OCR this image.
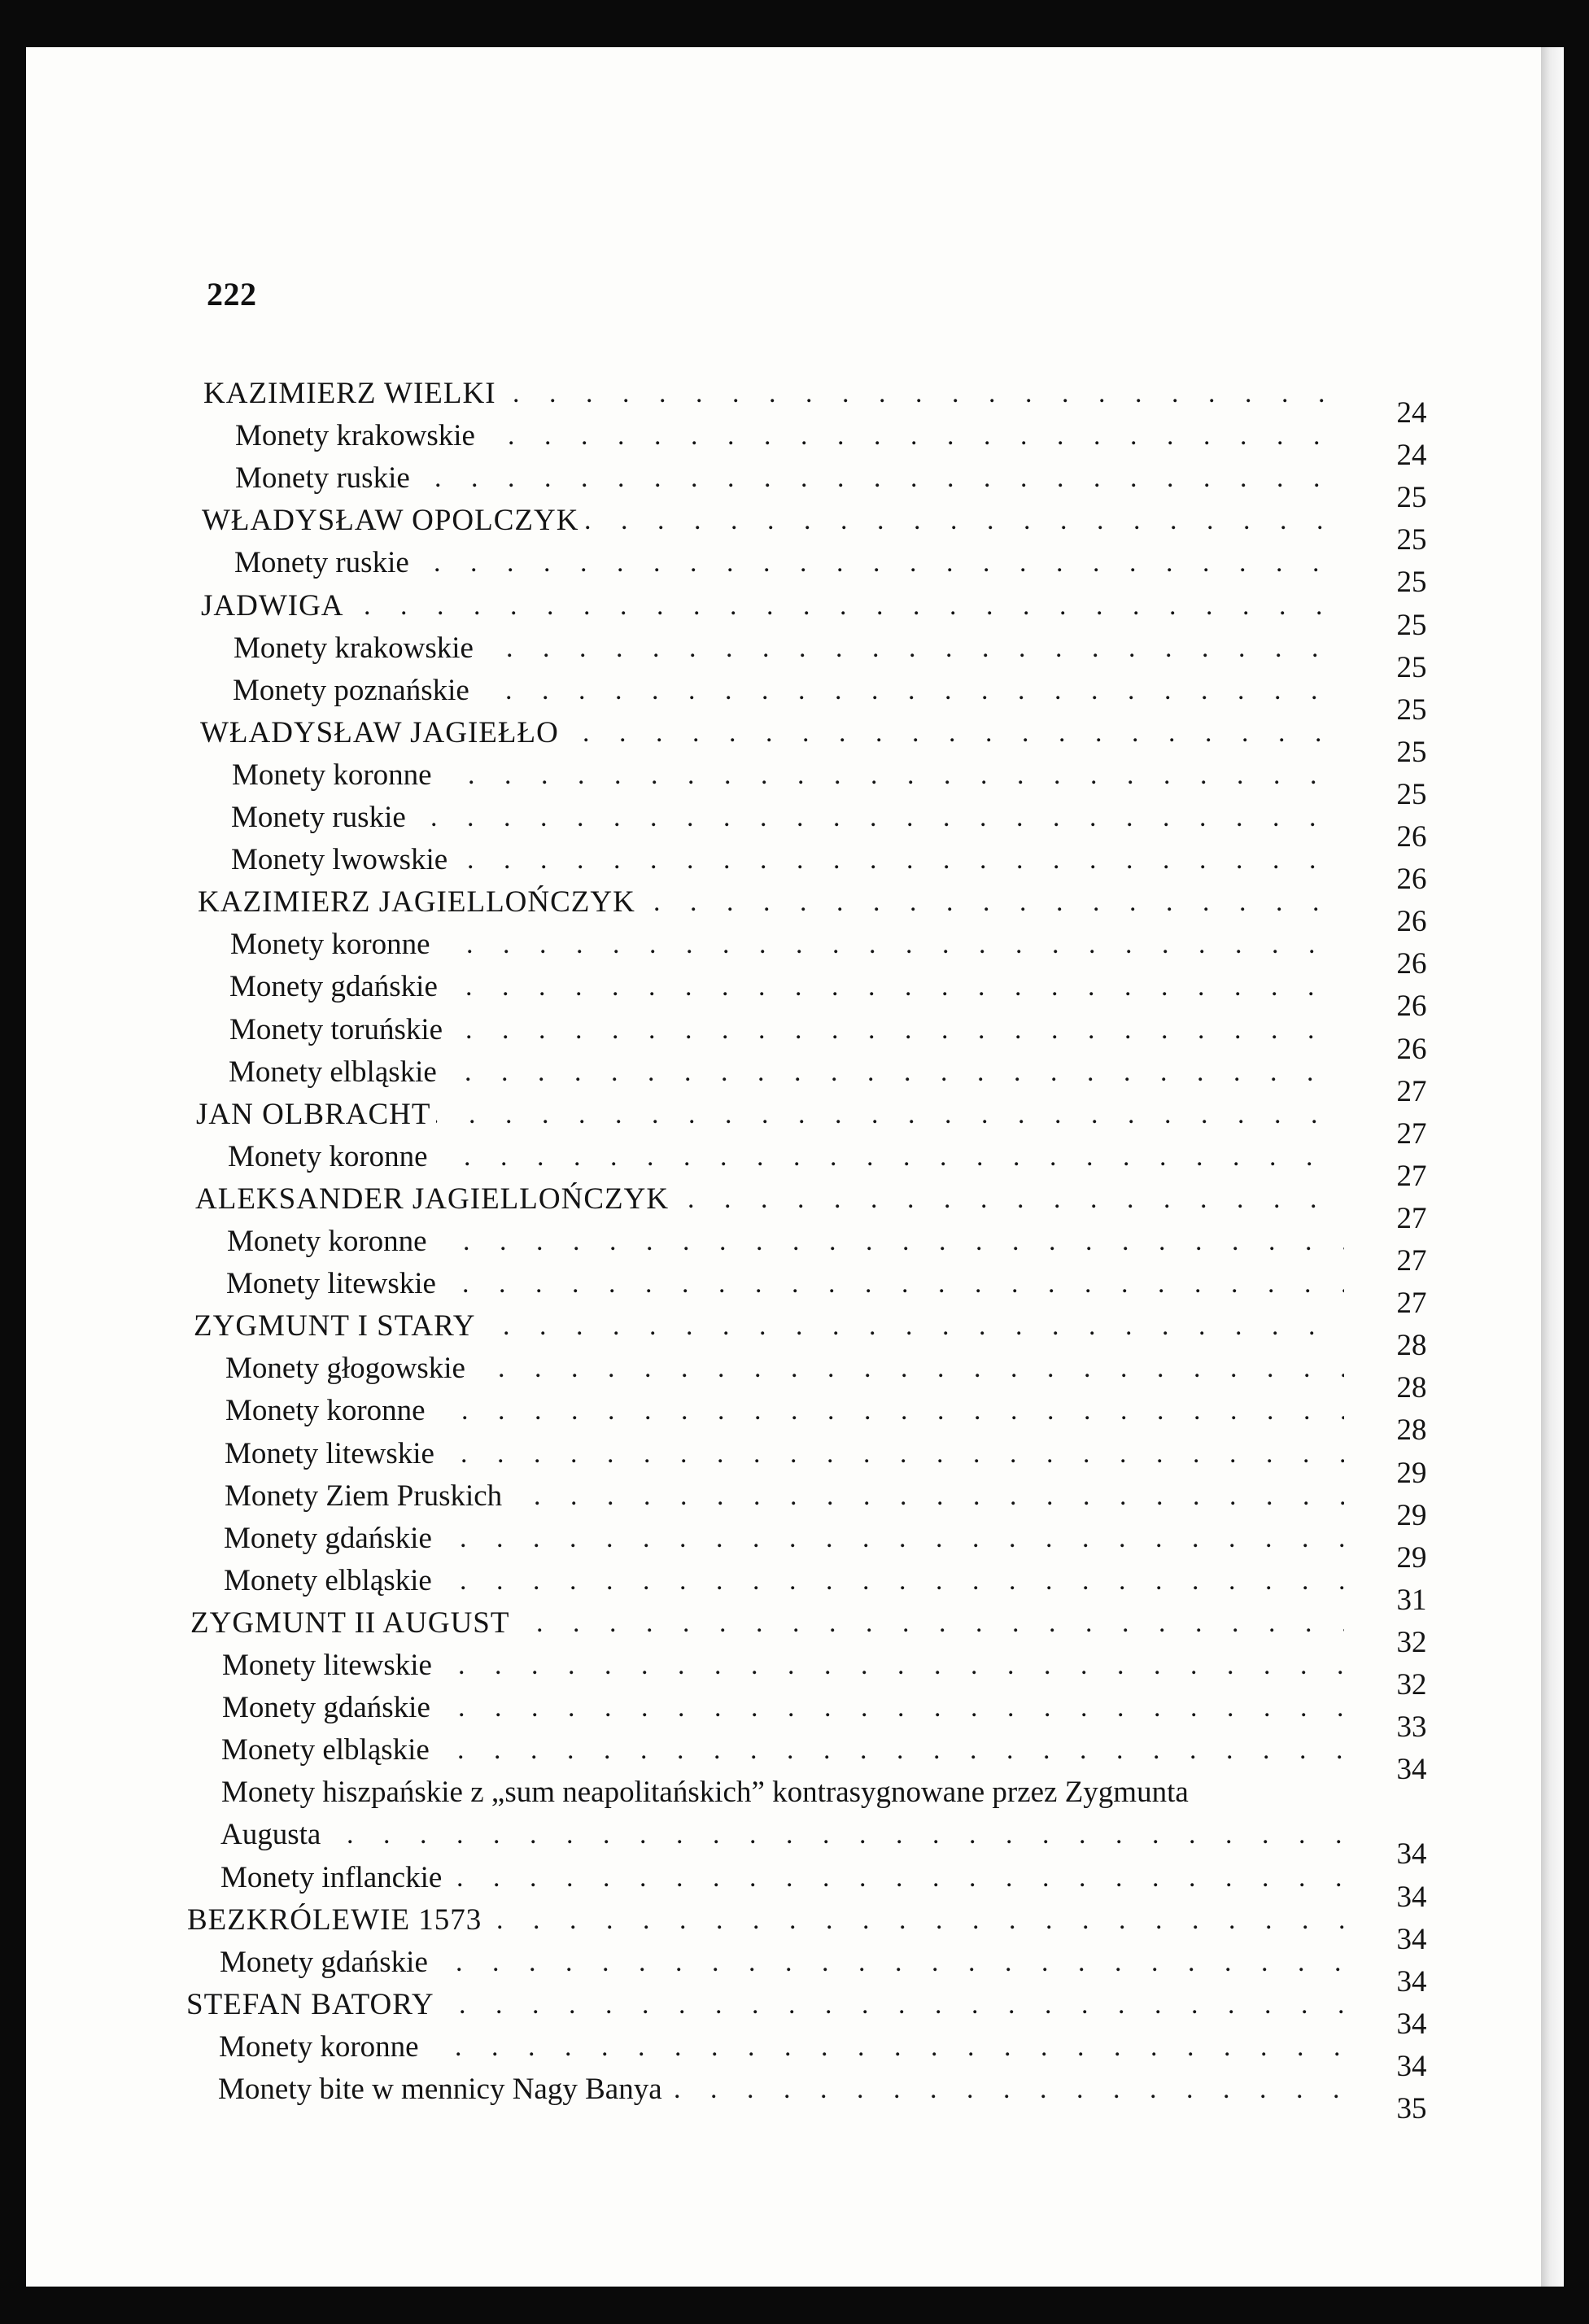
222
KAZIMIERZ WIELKI
. . .
24
Monety krakowskie
. . .
24
Monety ruskie
. . .
25
WŁADYSŁAW OPOLCZYK
. . .
25
Monety ruskie
. . .
25
JADWIGA
. . .
25
Monety krakowskie
. . .
25
Monety poznańskie
. . .
25
WŁADYSŁAW JAGIEŁŁO
. . .
25
Monety koronne
. . .
25
Monety ruskie
. . .
26
Monety lwowskie
. . .
26
KAZIMIERZ JAGIELLOŃCZYK
. . .
26
Monety koronne
. . .
26
Monety gdańskie
. . .
26
Monety toruńskie
. . .
26
Monety elbląskie
. . .
27
JAN OLBRACHT
. . .
27
Monety koronne
. . .
27
ALEKSANDER JAGIELLOŃCZYK
. . .
27
Monety koronne
. . .
27
Monety litewskie
. . .
27
ZYGMUNT I STARY
. . .
28
Monety głogowskie
. . .
28
Monety koronne
. . .
28
Monety litewskie
. . .
29
Monety Ziem Pruskich
. . .
29
Monety gdańskie
. . .
29
Monety elbląskie
. . .
31
ZYGMUNT II AUGUST
. . .
32
Monety litewskie
. . .
32
Monety gdańskie
. . .
33
Monety elbląskie
. . .
34
Monety hiszpańskie z „sum neapolitańskich” kontrasygnowane przez Zygmunta
Augusta
. . .
34
Monety inflanckie
. . .
34
BEZKRÓLEWIE 1573
. . .
34
Monety gdańskie
. . .
34
STEFAN BATORY
. . .
34
Monety koronne
. . .
34
Monety bite w mennicy Nagy Banya
. . .
35
